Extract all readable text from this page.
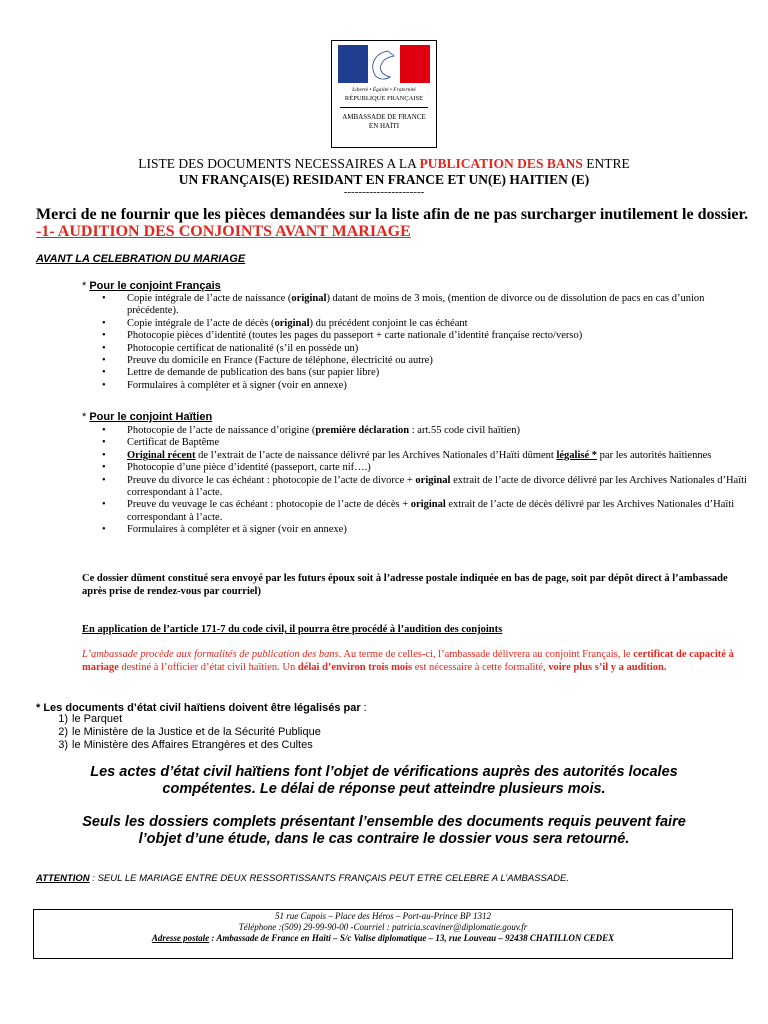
Liberté • Égalité • Fraternité
RÉPUBLIQUE FRANÇAISE
AMBASSADE DE FRANCE
EN HAÏTI
LISTE DES DOCUMENTS NECESSAIRES A LA PUBLICATION DES BANS ENTRE
UN FRANÇAIS(E) RESIDANT EN FRANCE ET UN(E) HAITIEN (E)
----------------------
Merci de ne fournir que les pièces demandées sur la liste afin de ne pas surcharger inutilement le dossier.
-1- AUDITION DES CONJOINTS AVANT MARIAGE
AVANT LA CELEBRATION DU MARIAGE
* Pour le conjoint Français
• Copie intégrale de l’acte de naissance (original) datant de moins de 3 mois, (mention de divorce ou de dissolution de pacs en cas d’union précédente).
• Copie intégrale de l’acte de décès (original) du précédent conjoint le cas échéant
• Photocopie pièces d’identité (toutes les pages du passeport + carte nationale d’identité française recto/verso)
• Photocopie certificat de nationalité (s’il en possède un)
• Preuve du domicile en France (Facture de téléphone, électricité ou autre)
• Lettre de demande de publication des bans (sur papier libre)
• Formulaires à compléter et à signer (voir en annexe)
* Pour le conjoint Haïtien
• Photocopie de l’acte de naissance d’origine (première déclaration : art.55 code civil haïtien)
• Certificat de Baptême
• Original récent de l’extrait de l’acte de naissance délivré par les Archives Nationales d’Haïti dûment légalisé * par les autorités haïtiennes
• Photocopie d’une pièce d’identité (passeport, carte nif….)
• Preuve du divorce le cas échéant : photocopie de l’acte de divorce + original extrait de l’acte de divorce délivré par les Archives Nationales d’Haïti correspondant à l’acte.
• Preuve du veuvage le cas échéant : photocopie de l’acte de décès + original extrait de l’acte de décès délivré par les Archives Nationales d’Haïti correspondant à l’acte.
• Formulaires à compléter et à signer (voir en annexe)
Ce dossier dûment constitué sera envoyé par les futurs époux soit à l’adresse postale indiquée en bas de page, soit par dépôt direct à l’ambassade après prise de rendez-vous par courriel)
En application de l’article 171-7 du code civil, il pourra être procédé à l’audition des conjoints
L’ambassade procède aux formalités de publication des bans. Au terme de celles-ci, l’ambassade délivrera au conjoint Français, le certificat de capacité à mariage destiné à l’officier d’état civil haïtien. Un délai d’environ trois mois est nécessaire à cette formalité, voire plus s’il y a audition.
* Les documents d’état civil haïtiens doivent être légalisés par :
1) le Parquet
2) le Ministère de la Justice et de la Sécurité Publique
3) le Ministère des Affaires Etrangères et des Cultes
Les actes d’état civil haïtiens font l’objet de vérifications auprès des autorités locales
compétentes. Le délai de réponse peut atteindre plusieurs mois.
Seuls les dossiers complets présentant l’ensemble des documents requis peuvent faire
l’objet d’une étude, dans le cas contraire le dossier vous sera retourné.
ATTENTION : SEUL LE MARIAGE ENTRE DEUX RESSORTISSANTS FRANÇAIS PEUT ETRE CELEBRE A L’AMBASSADE.
51 rue Capois – Place des Héros – Port-au-Prince BP 1312
Téléphone :(509) 29-99-90-00 -Courriel : patricia.scaviner@diplomatie.gouv.fr
Adresse postale : Ambassade de France en Haïti – S/c Valise diplomatique – 13, rue Louveau – 92438 CHATILLON CEDEX
